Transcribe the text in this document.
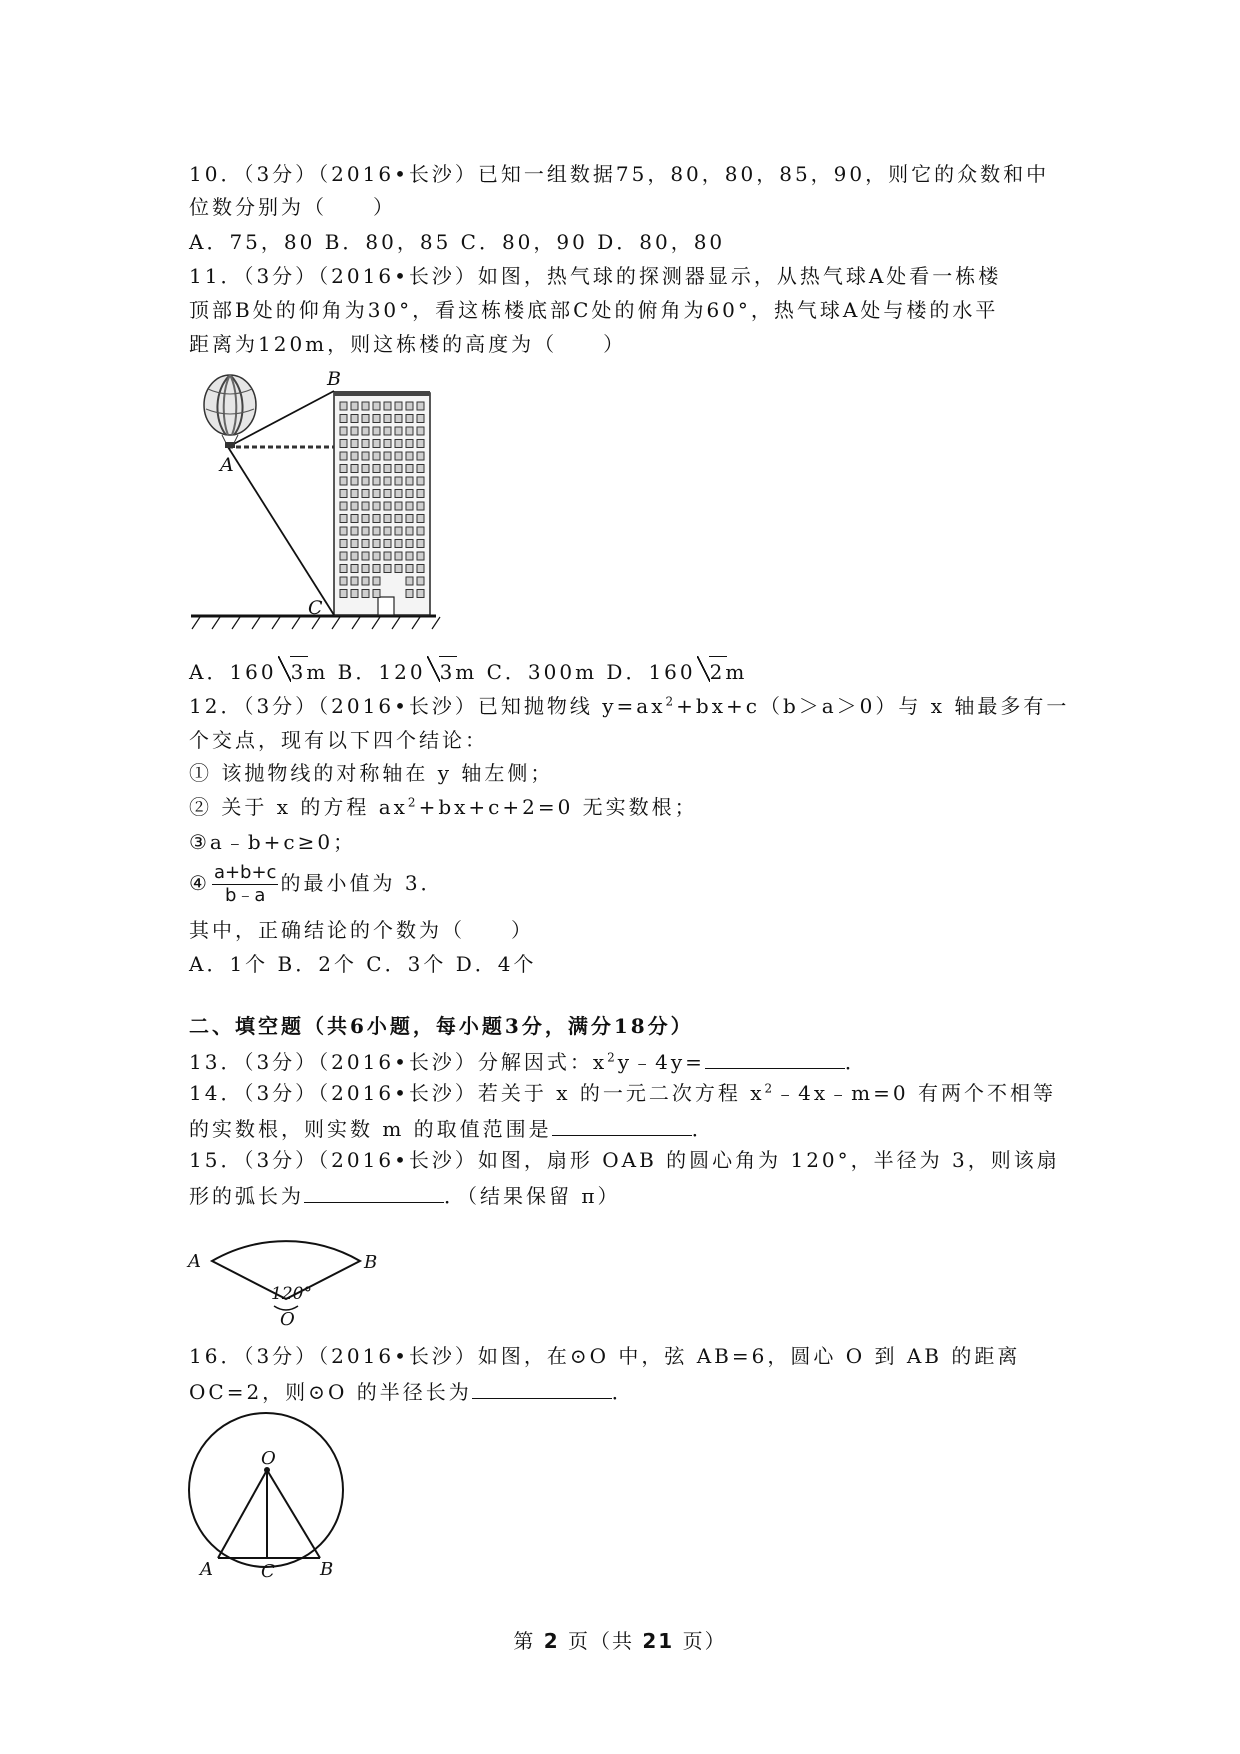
10．（3分）（2016•长沙）已知一组数据75，80，80，85，90，则它的众数和中
位数分别为（　　）
A．75，80 B．80，85 C．80，90 D．80，80
11．（3分）（2016•长沙）如图，热气球的探测器显示，从热气球A处看一栋楼
顶部B处的仰角为30°，看这栋楼底部C处的俯角为60°，热气球A处与楼的水平
距离为120m，则这栋楼的高度为（　　）
B
A
C
A．160 3m B．120 3m C．300m D．160 2m
12．（3分）（2016•长沙）已知抛物线 $y=ax^2+bx+c(b>a>0)$与 x 轴最多有一
个交点，现有以下四个结论：
① 该抛物线的对称轴在 y 轴左侧；
② 关于 x 的方程 $ax^2+bx+c+2=0$ 无实数根；
③a﹣b+c≥0；
④ $\frac{a+b+c}{b﹣a}$ 的最小值为 3．
其中，正确结论的个数为（　　）
A．1个 B．2个 C．3个 D．4个
二、填空题（共6小题，每小题3分，满分18分）
13．（3分）（2016•长沙）分解因式：$x^2y﹣4y=$	．
14．（3分）（2016•长沙）若关于 x 的一元二次方程 $x^2﹣4x﹣m=0$ 有两个不相等
的实数根，则实数 m 的取值范围是	．
15．（3分）（2016•长沙）如图，扇形 OAB 的圆心角为 120°，半径为 3，则该扇
形的弧长为	．（结果保留 π）
120°
A	B
O
16．（3分）（2016•长沙）如图，在⊙O 中，弦 AB=6，圆心 O 到 AB 的距离
OC=2，则⊙O 的半径长为	．
O
A	C	B
第 2 页（共 21 页）
